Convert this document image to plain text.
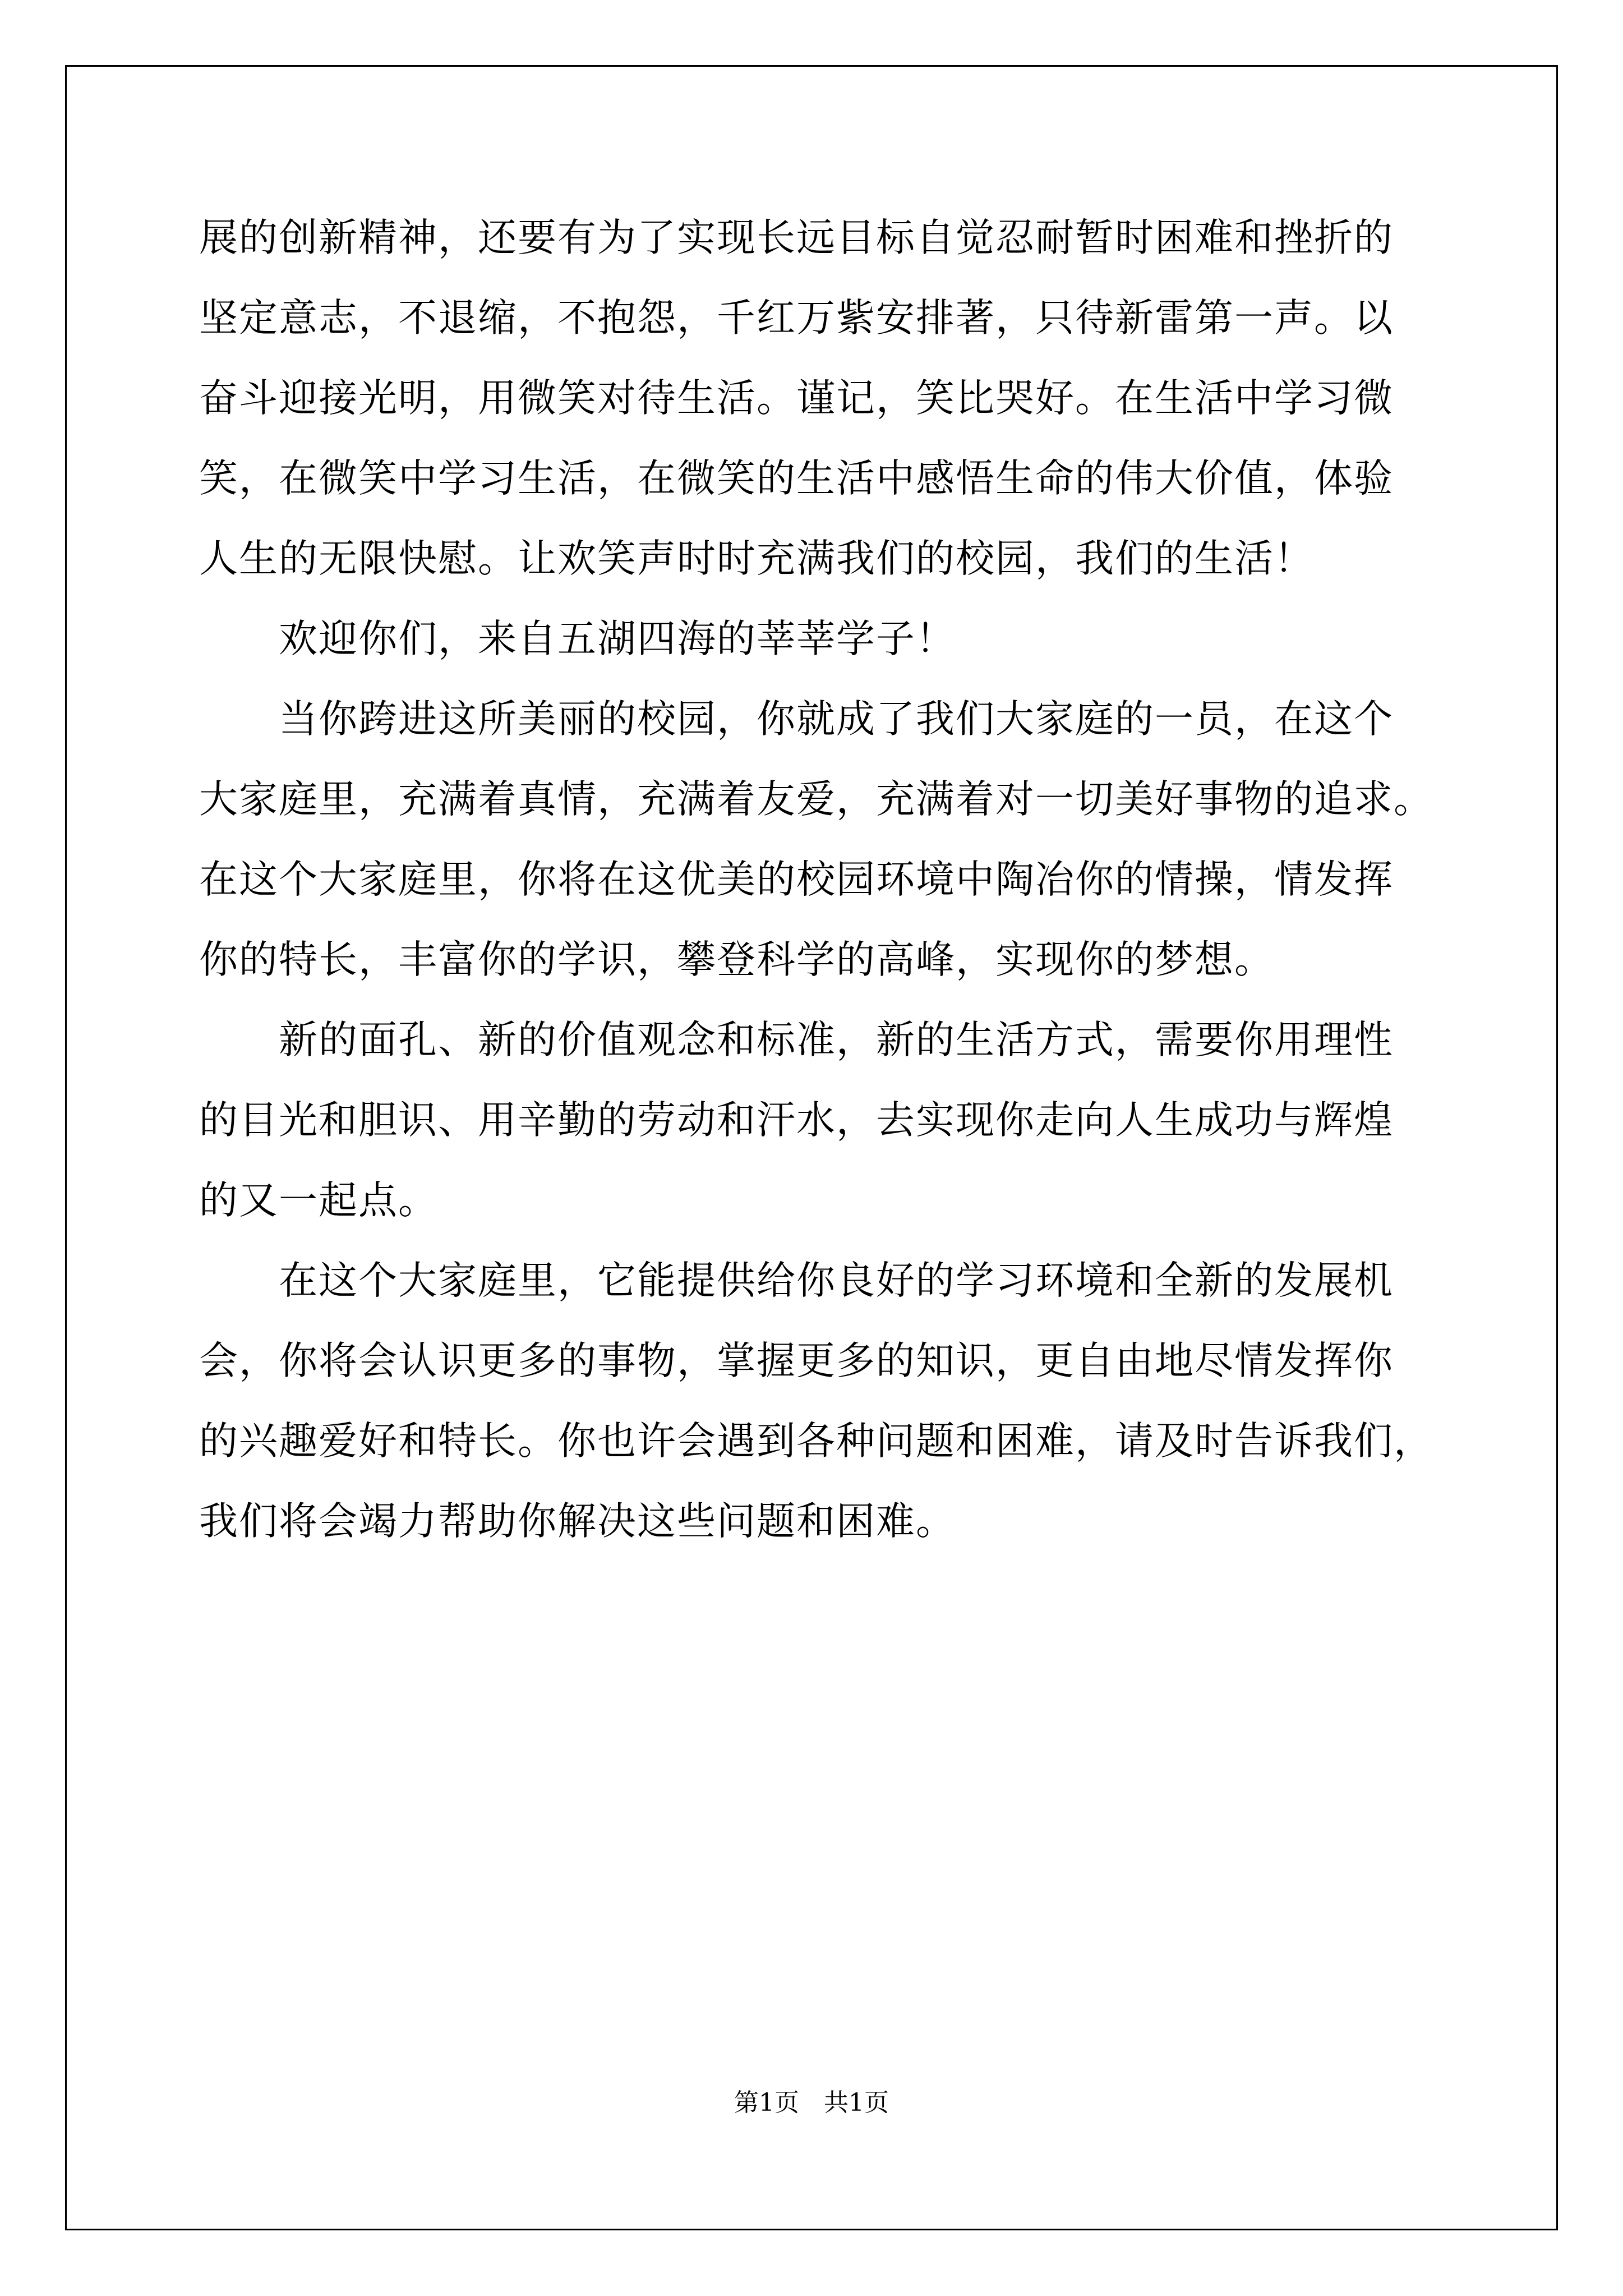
展的创新精神，还要有为了实现长远目标自觉忍耐暂时困难和挫折的
坚定意志，不退缩，不抱怨，千红万紫安排著，只待新雷第一声。以
奋斗迎接光明，用微笑对待生活。谨记，笑比哭好。在生活中学习微
笑，在微笑中学习生活，在微笑的生活中感悟生命的伟大价值，体验
人生的无限快慰。让欢笑声时时充满我们的校园，我们的生活！
　　欢迎你们，来自五湖四海的莘莘学子！
　　当你跨进这所美丽的校园，你就成了我们大家庭的一员，在这个
大家庭里，充满着真情，充满着友爱，充满着对一切美好事物的追求。
在这个大家庭里，你将在这优美的校园环境中陶冶你的情操，情发挥
你的特长，丰富你的学识，攀登科学的高峰，实现你的梦想。
　　新的面孔、新的价值观念和标准，新的生活方式，需要你用理性
的目光和胆识、用辛勤的劳动和汗水，去实现你走向人生成功与辉煌
的又一起点。
　　在这个大家庭里，它能提供给你良好的学习环境和全新的发展机
会，你将会认识更多的事物，掌握更多的知识，更自由地尽情发挥你
的兴趣爱好和特长。你也许会遇到各种问题和困难，请及时告诉我们，
我们将会竭力帮助你解决这些问题和困难。
第1页 共1页
